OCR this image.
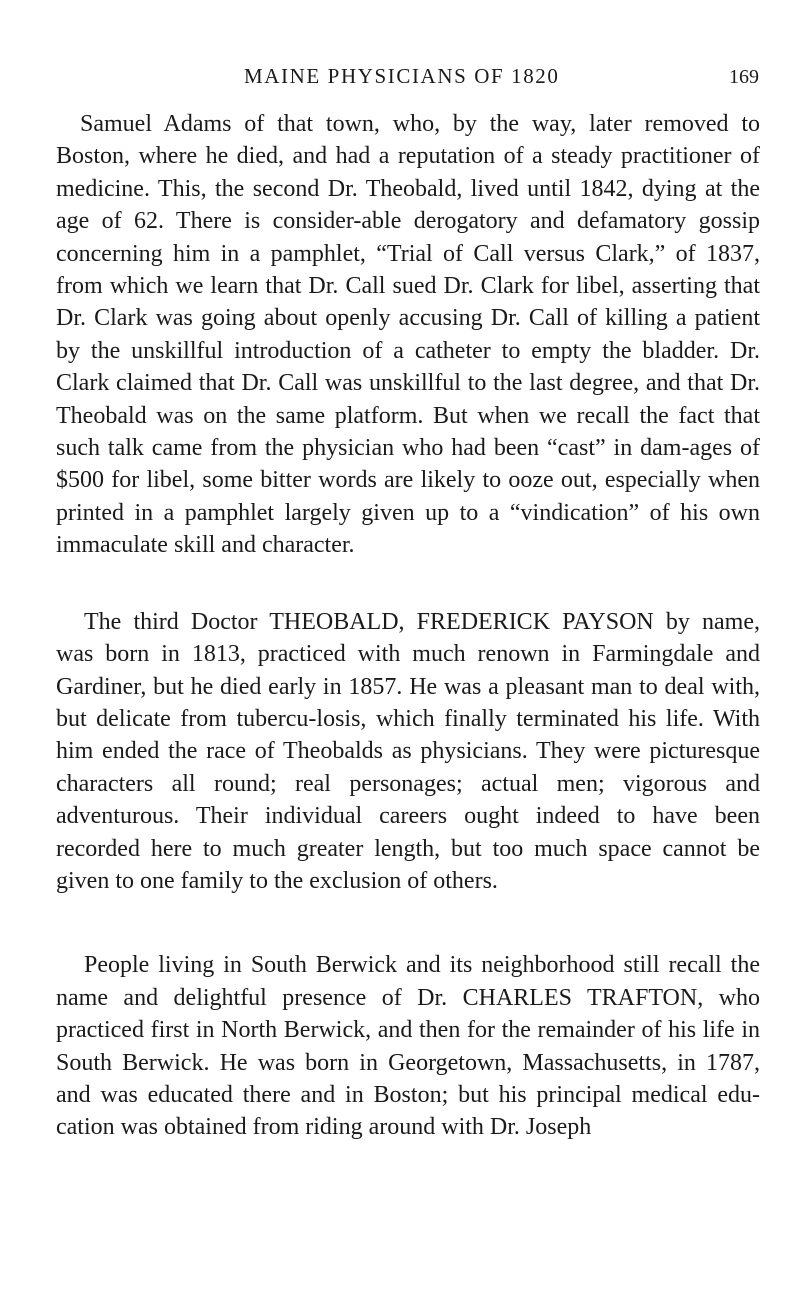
MAINE PHYSICIANS OF 1820	169

Samuel Adams of that town, who, by the way, later removed to Boston, where he died, and had a reputation of a steady practitioner of medicine. This, the second Dr. Theobald, lived until 1842, dying at the age of 62. There is consider-able derogatory and defamatory gossip concerning him in a pamphlet, “Trial of Call versus Clark,” of 1837, from which we learn that Dr. Call sued Dr. Clark for libel, asserting that Dr. Clark was going about openly accusing Dr. Call of killing a patient by the unskillful introduction of a catheter to empty the bladder. Dr. Clark claimed that Dr. Call was unskillful to the last degree, and that Dr. Theobald was on the same platform. But when we recall the fact that such talk came from the physician who had been “cast” in dam-ages of $500 for libel, some bitter words are likely to ooze out, especially when printed in a pamphlet largely given up to a “vindication” of his own immaculate skill and character.

The third Doctor THEOBALD, FREDERICK PAYSON by name, was born in 1813, practiced with much renown in Farmingdale and Gardiner, but he died early in 1857. He was a pleasant man to deal with, but delicate from tubercu-losis, which finally terminated his life. With him ended the race of Theobalds as physicians. They were picturesque characters all round; real personages; actual men; vigorous and adventurous. Their individual careers ought indeed to have been recorded here to much greater length, but too much space cannot be given to one family to the exclusion of others.

People living in South Berwick and its neighborhood still recall the name and delightful presence of Dr. CHARLES TRAFTON, who practiced first in North Berwick, and then for the remainder of his life in South Berwick. He was born in Georgetown, Massachusetts, in 1787, and was educated there and in Boston; but his principal medical edu-cation was obtained from riding around with Dr. Joseph
